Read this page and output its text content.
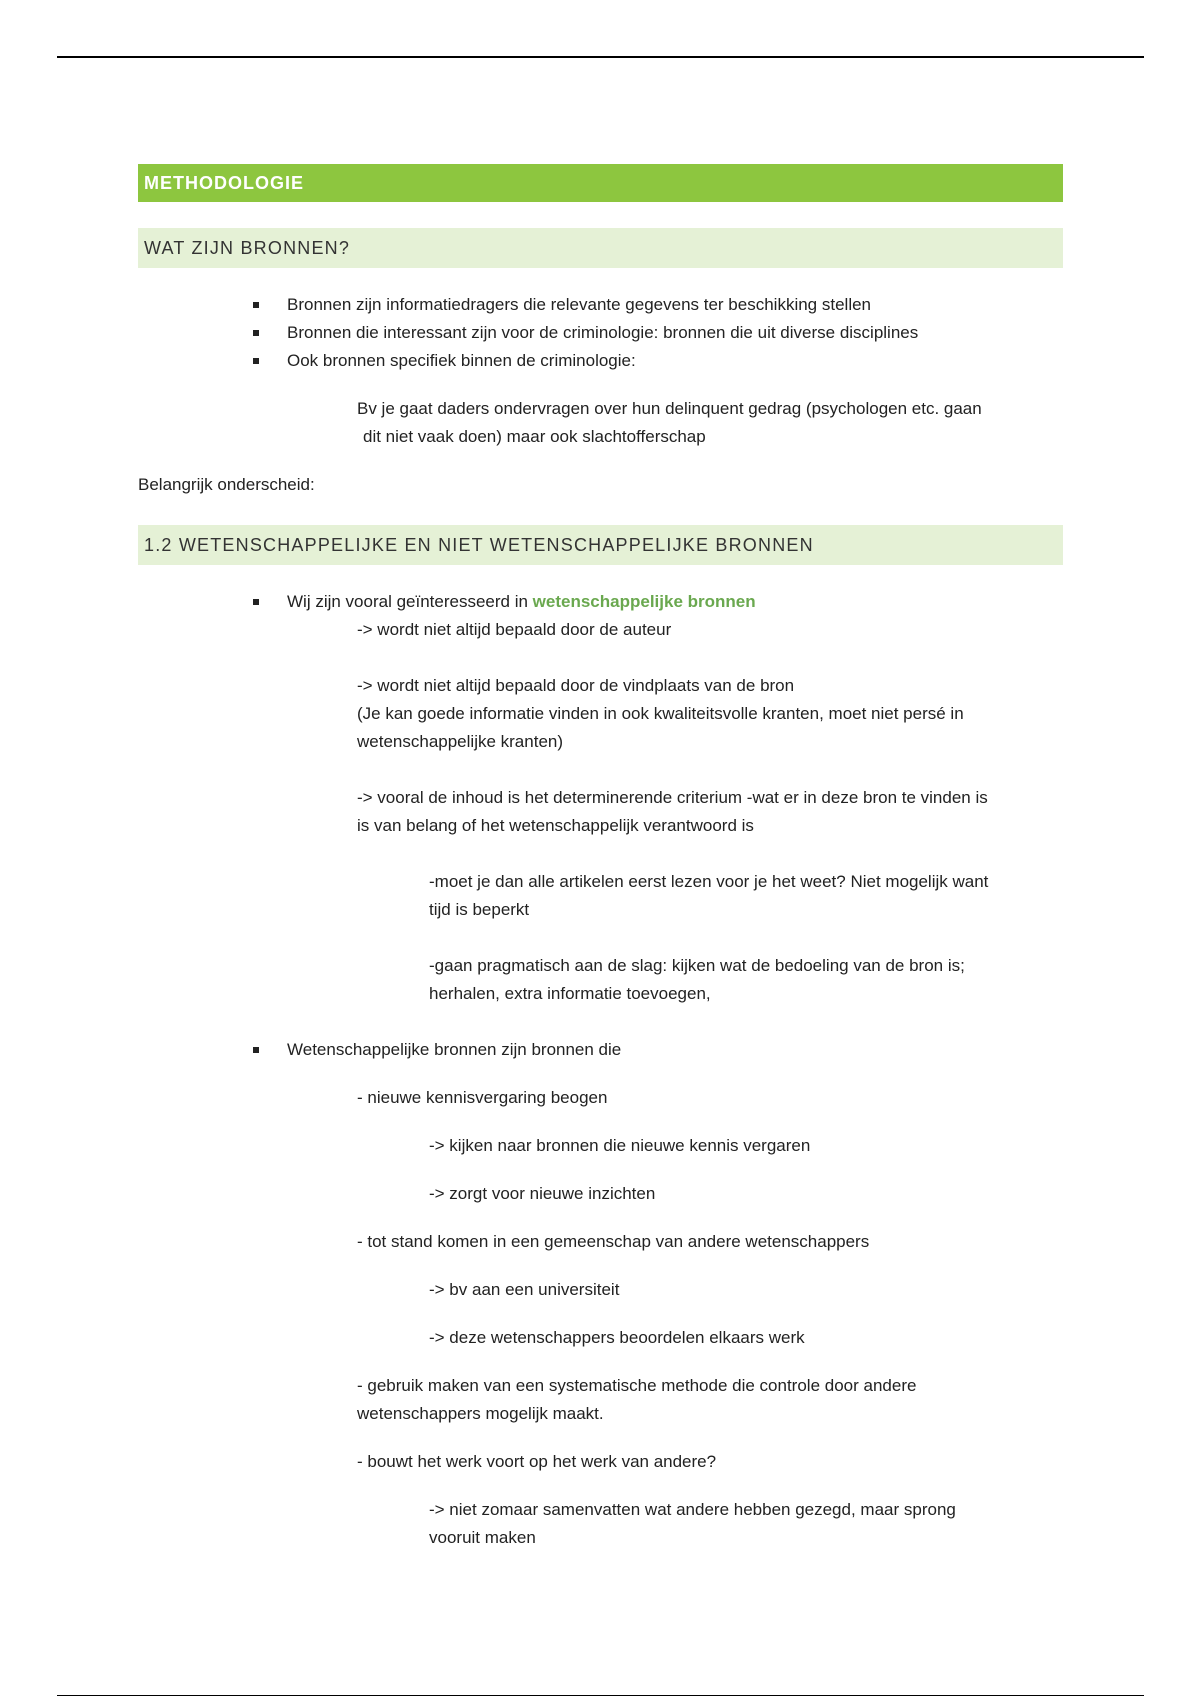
METHODOLOGIE
WAT ZIJN BRONNEN?
Bronnen zijn informatiedragers die relevante gegevens ter beschikking stellen
Bronnen die interessant zijn voor de criminologie: bronnen die uit diverse disciplines
Ook bronnen specifiek binnen de criminologie:

Bv je gaat daders ondervragen over hun delinquent gedrag (psychologen etc. gaan

dit niet vaak doen) maar ook slachtofferschap

Belangrijk onderscheid:

1.2 WETENSCHAPPELIJKE EN NIET WETENSCHAPPELIJKE BRONNEN
Wij zijn vooral geïnteresseerd in wetenschappelijke bronnen

-> wordt niet altijd bepaald door de auteur

-> wordt niet altijd bepaald door de vindplaats van de bron

(Je kan goede informatie vinden in ook kwaliteitsvolle kranten, moet niet persé in

wetenschappelijke kranten)

-> vooral de inhoud is het determinerende criterium -wat er in deze bron te vinden is

is van belang of het wetenschappelijk verantwoord is

-moet je dan alle artikelen eerst lezen voor je het weet? Niet mogelijk want

tijd is beperkt

-gaan pragmatisch aan de slag: kijken wat de bedoeling van de bron is;

herhalen, extra informatie toevoegen,

Wetenschappelijke bronnen zijn bronnen die

- nieuwe kennisvergaring beogen

-> kijken naar bronnen die nieuwe kennis vergaren

-> zorgt voor nieuwe inzichten

- tot stand komen in een gemeenschap van andere wetenschappers

-> bv aan een universiteit

-> deze wetenschappers beoordelen elkaars werk

- gebruik maken van een systematische methode die controle door andere

wetenschappers mogelijk maakt.

- bouwt het werk voort op het werk van andere?

-> niet zomaar samenvatten wat andere hebben gezegd, maar sprong

vooruit maken
